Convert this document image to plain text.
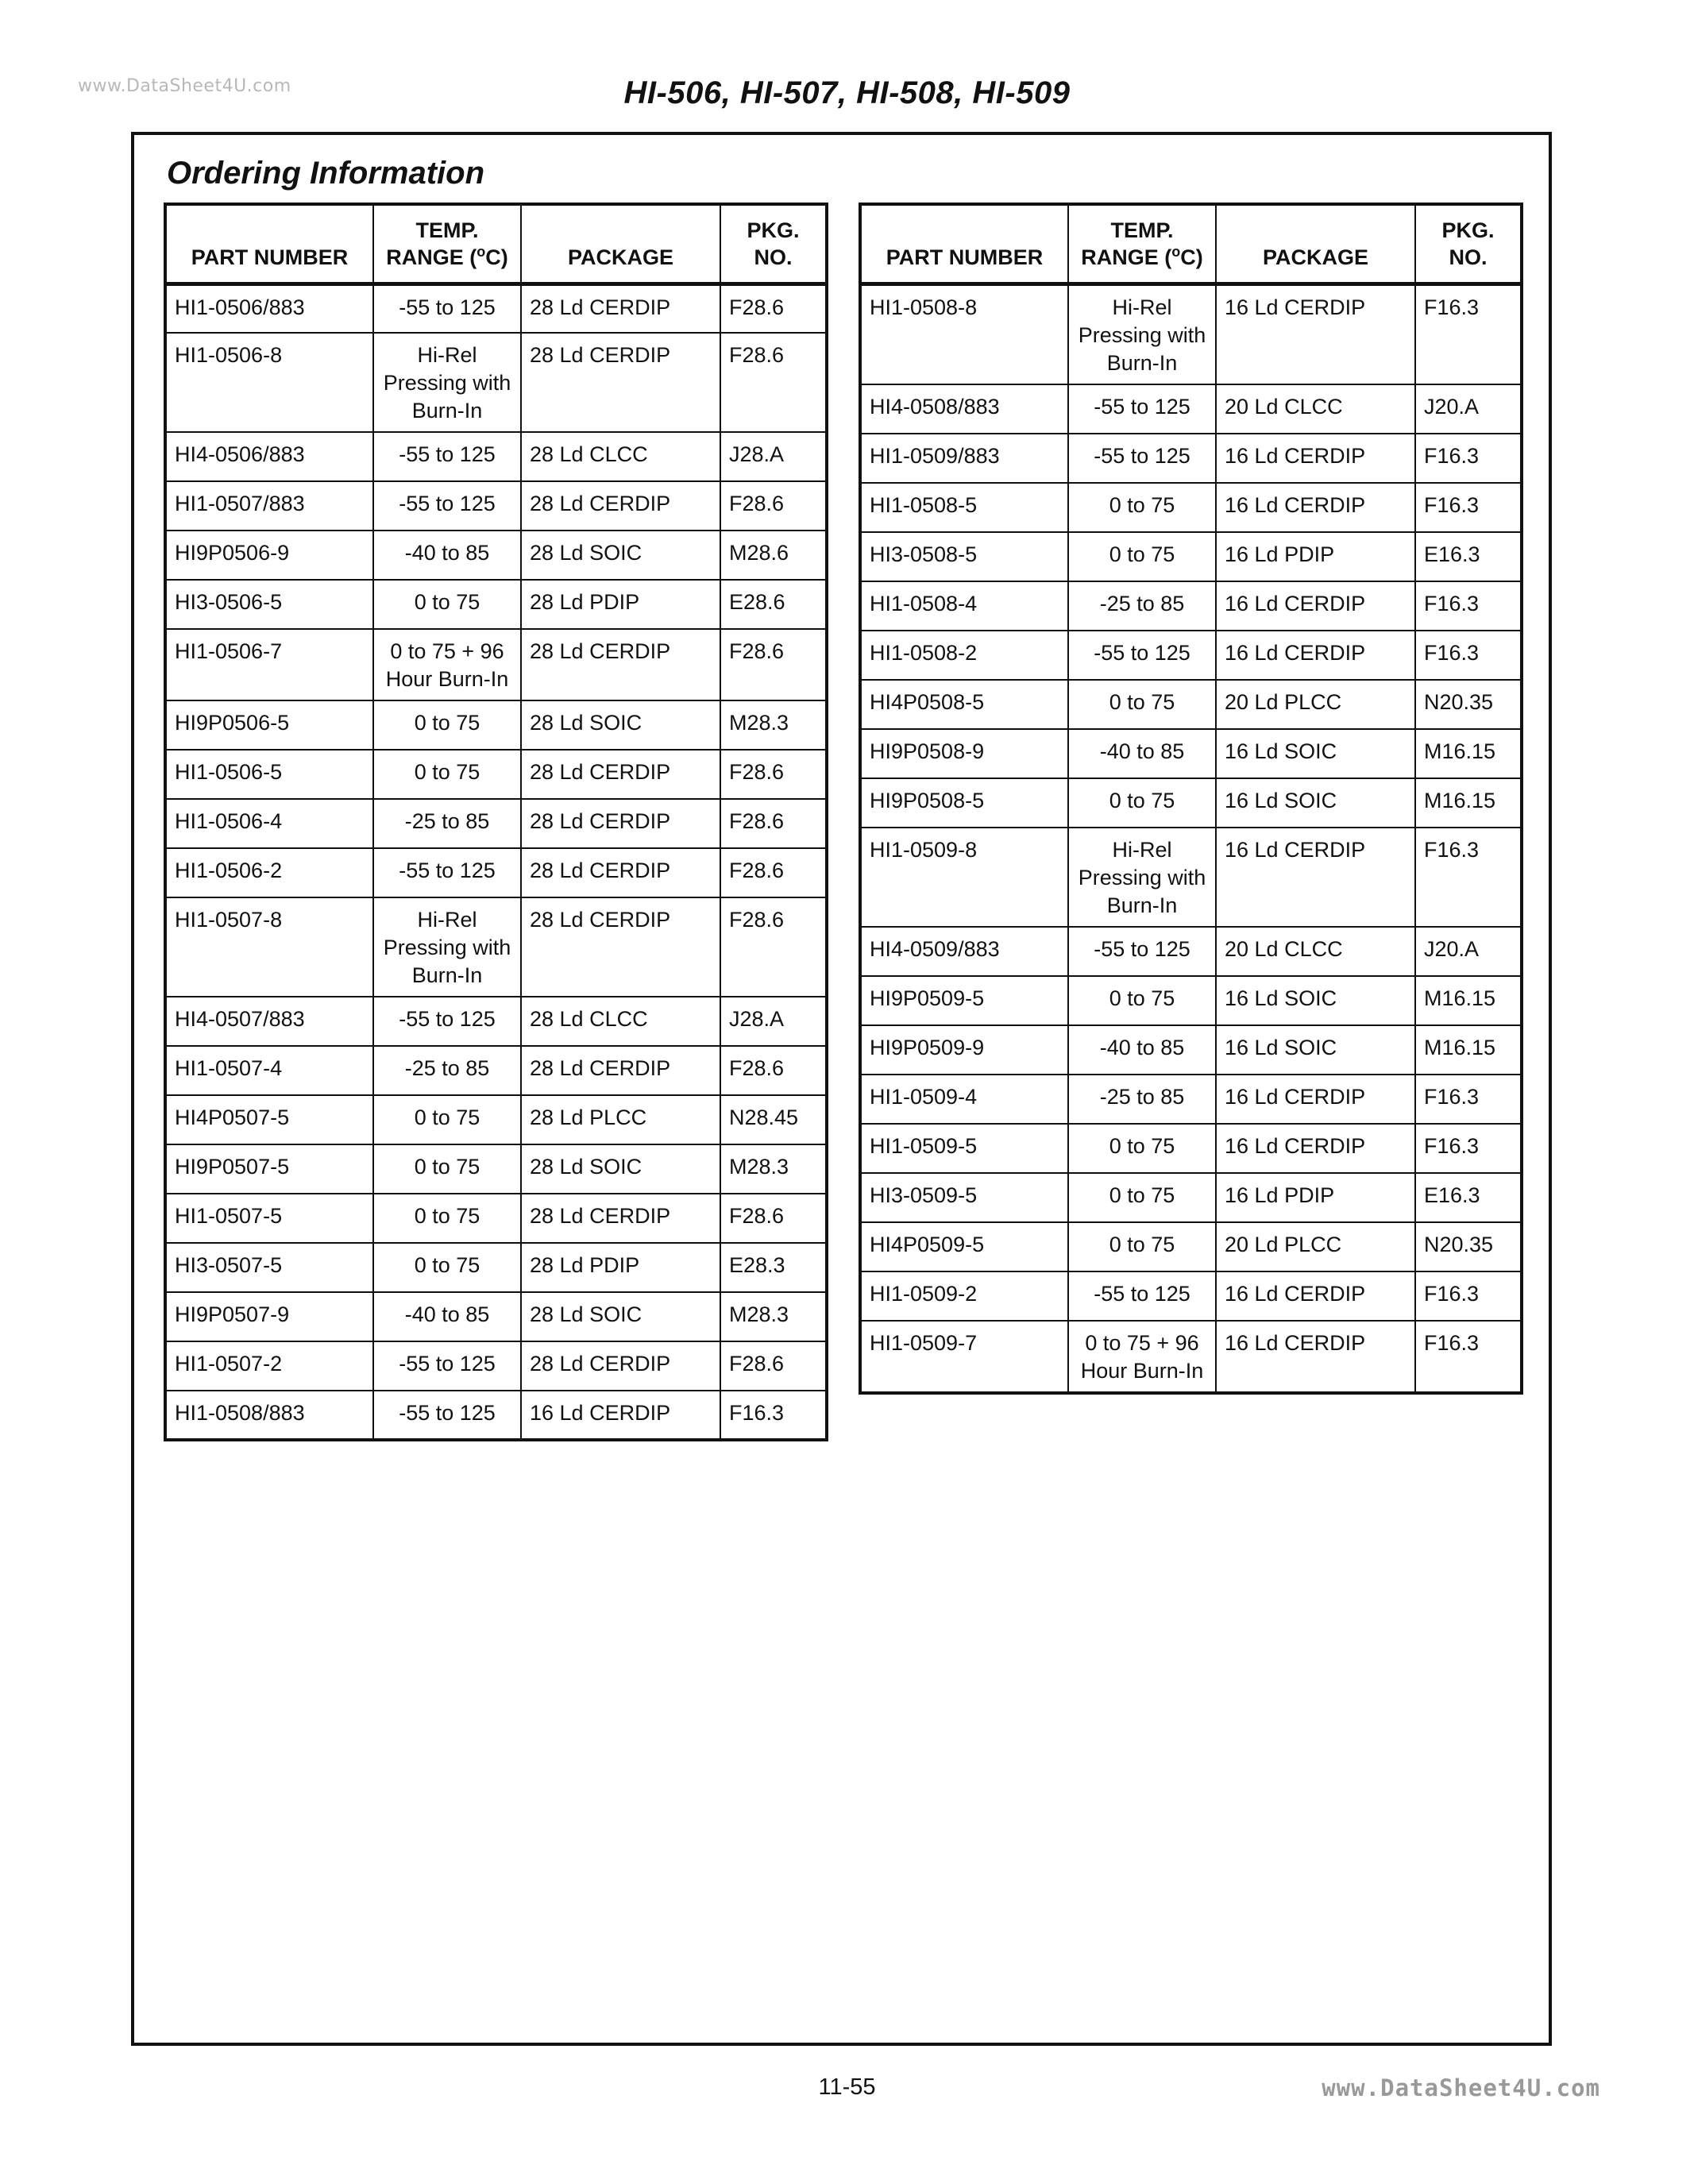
www.DataSheet4U.com	HI-506, HI-507, HI-508, HI-509
Ordering Information
PART NUMBER	TEMP.
RANGE ($^o$C)	PACKAGE	PKG.
NO.

HI1-0506/883	-55 to 125	28 Ld CERDIP	F28.6
HI1-0506-8	Hi-Rel
Pressing with
Burn-In	28 Ld CERDIP	F28.6
HI4-0506/883	-55 to 125	28 Ld CLCC	J28.A
HI1-0507/883	-55 to 125	28 Ld CERDIP	F28.6
HI9P0506-9	-40 to 85	28 Ld SOIC	M28.6
HI3-0506-5	0 to 75	28 Ld PDIP	E28.6
HI1-0506-7	0 to 75 + 96
Hour Burn-In	28 Ld CERDIP	F28.6
HI9P0506-5	0 to 75	28 Ld SOIC	M28.3
HI1-0506-5	0 to 75	28 Ld CERDIP	F28.6
HI1-0506-4	-25 to 85	28 Ld CERDIP	F28.6
HI1-0506-2	-55 to 125	28 Ld CERDIP	F28.6
HI1-0507-8	Hi-Rel
Pressing with
Burn-In	28 Ld CERDIP	F28.6
HI4-0507/883	-55 to 125	28 Ld CLCC	J28.A
HI1-0507-4	-25 to 85	28 Ld CERDIP	F28.6
HI4P0507-5	0 to 75	28 Ld PLCC	N28.45
HI9P0507-5	0 to 75	28 Ld SOIC	M28.3
HI1-0507-5	0 to 75	28 Ld CERDIP	F28.6
HI3-0507-5	0 to 75	28 Ld PDIP	E28.3
HI9P0507-9	-40 to 85	28 Ld SOIC	M28.3
HI1-0507-2	-55 to 125	28 Ld CERDIP	F28.6
HI1-0508/883	-55 to 125	16 Ld CERDIP	F16.3
PART NUMBER	TEMP.
RANGE ($^o$C)	PACKAGE	PKG.
NO.

HI1-0508-8	Hi-Rel
Pressing with
Burn-In	16 Ld CERDIP	F16.3
HI4-0508/883	-55 to 125	20 Ld CLCC	J20.A
HI1-0509/883	-55 to 125	16 Ld CERDIP	F16.3
HI1-0508-5	0 to 75	16 Ld CERDIP	F16.3
HI3-0508-5	0 to 75	16 Ld PDIP	E16.3
HI1-0508-4	-25 to 85	16 Ld CERDIP	F16.3
HI1-0508-2	-55 to 125	16 Ld CERDIP	F16.3
HI4P0508-5	0 to 75	20 Ld PLCC	N20.35
HI9P0508-9	-40 to 85	16 Ld SOIC	M16.15
HI9P0508-5	0 to 75	16 Ld SOIC	M16.15
HI1-0509-8	Hi-Rel
Pressing with
Burn-In	16 Ld CERDIP	F16.3
HI4-0509/883	-55 to 125	20 Ld CLCC	J20.A
HI9P0509-5	0 to 75	16 Ld SOIC	M16.15
HI9P0509-9	-40 to 85	16 Ld SOIC	M16.15
HI1-0509-4	-25 to 85	16 Ld CERDIP	F16.3
HI1-0509-5	0 to 75	16 Ld CERDIP	F16.3
HI3-0509-5	0 to 75	16 Ld PDIP	E16.3
HI4P0509-5	0 to 75	20 Ld PLCC	N20.35
HI1-0509-2	-55 to 125	16 Ld CERDIP	F16.3
HI1-0509-7	0 to 75 + 96
Hour Burn-In	16 Ld CERDIP	F16.3
11-55	www.DataSheet4U.com
